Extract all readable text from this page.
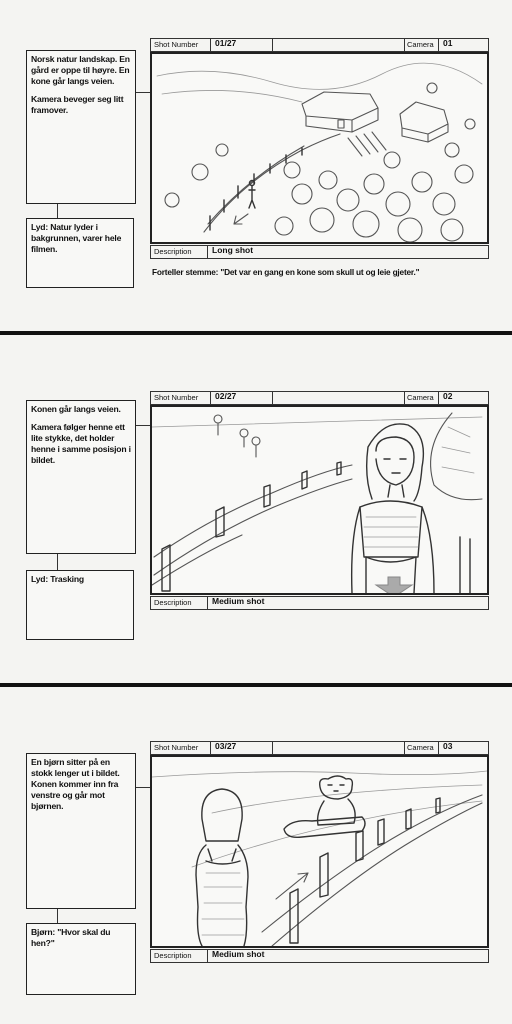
Norsk natur landskap. En gård er oppe til høyre. En kone går langs veien.

Kamera beveger seg litt framover.

Lyd: Natur lyder i bakgrunnen, varer hele filmen.

Shot Number 01/27	Camera 01
Description Long shot
Forteller stemme: "Det var en gang en kone som skull ut og leie gjeter."

Konen går langs veien.

Kamera følger henne ett lite stykke, det holder henne i samme posisjon i bildet.

Lyd: Trasking

Shot Number 02/27	Camera 02
Description Medium shot

En bjørn sitter på en stokk lenger ut i bildet. Konen kommer inn fra venstre og går mot bjørnen.

Bjørn: "Hvor skal du hen?"

Shot Number 03/27	Camera 03
Description Medium shot
